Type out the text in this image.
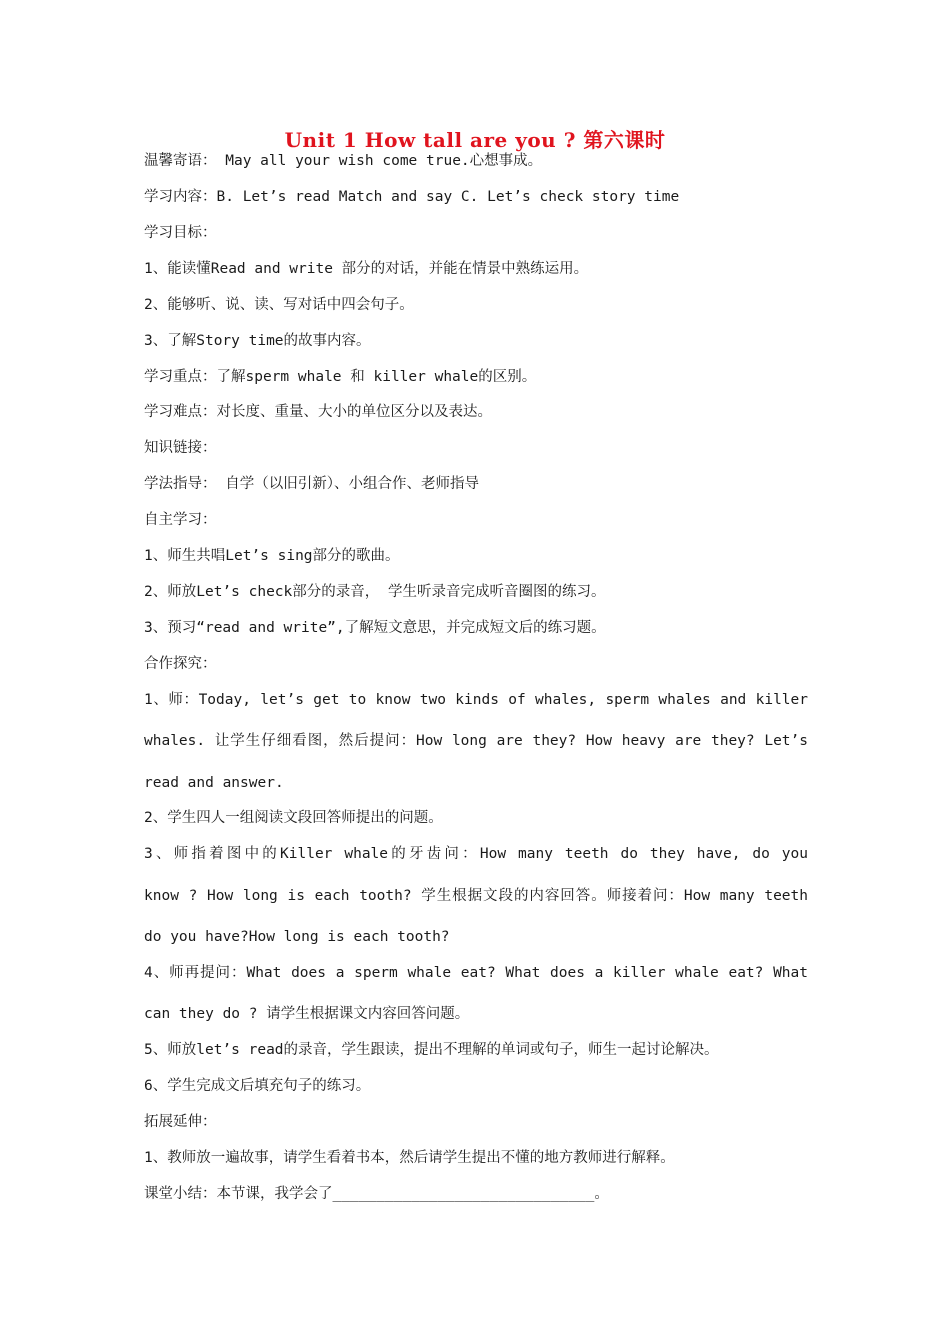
Unit 1 How tall are you ? 第六课时
温馨寄语： May all your wish come true.心想事成。
学习内容：B. Let’s read Match and say C. Let’s check story time
学习目标：
1、能读懂Read and write 部分的对话，并能在情景中熟练运用。
2、能够听、说、读、写对话中四会句子。
3、了解Story time的故事内容。
学习重点：了解sperm whale 和 killer whale的区别。
学习难点：对长度、重量、大小的单位区分以及表达。
知识链接：
学法指导： 自学（以旧引新）、小组合作、老师指导
自主学习：
1、师生共唱Let’s sing部分的歌曲。
2、师放Let’s check部分的录音， 学生听录音完成听音圈图的练习。
3、预习“read and write”,了解短文意思，并完成短文后的练习题。
合作探究：
1、师：Today, let’s get to know two kinds of whales, sperm whales and killer
whales. 让学生仔细看图，然后提问：How long are they? How heavy are they? Let’s
read and answer.
2、学生四人一组阅读文段回答师提出的问题。
3、师指着图中的Killer whale的牙齿问：How many teeth do they have, do you
know ? How long is each tooth? 学生根据文段的内容回答。师接着问：How many teeth
do you have?How long is each tooth?
4、师再提问：What does a sperm whale eat? What does a killer whale eat? What
can they do ? 请学生根据课文内容回答问题。
5、师放let’s read的录音，学生跟读，提出不理解的单词或句子，师生一起讨论解决。
6、学生完成文后填充句子的练习。
拓展延伸：
1、教师放一遍故事，请学生看着书本，然后请学生提出不懂的地方教师进行解释。
课堂小结：本节课，我学会了______________________________。
